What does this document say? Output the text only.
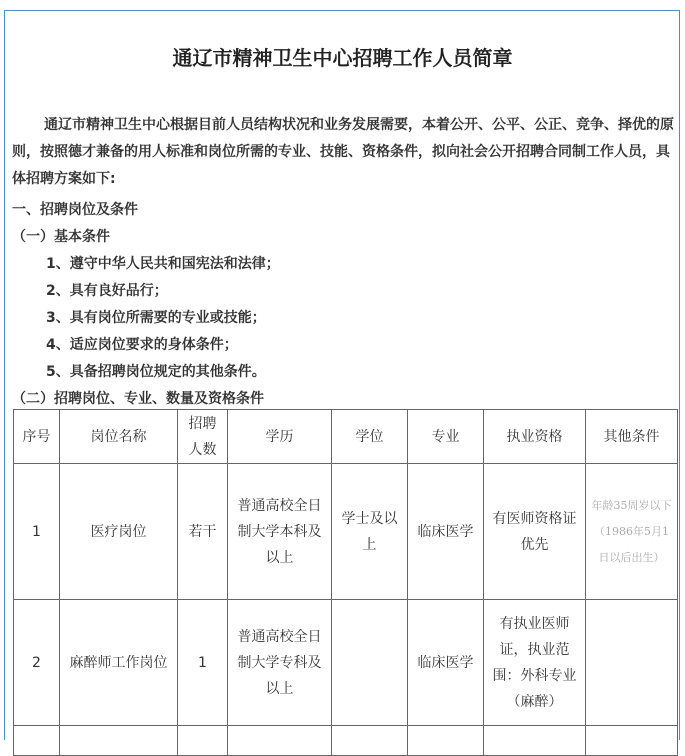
通辽市精神卫生中心招聘工作人员简章
通辽市精神卫生中心根据目前人员结构状况和业务发展需要，本着公开、公平、公正、竞争、择优的原则，按照德才兼备的用人标准和岗位所需的专业、技能、资格条件，拟向社会公开招聘合同制工作人员，具体招聘方案如下:
一、招聘岗位及条件
（一）基本条件
1、遵守中华人民共和国宪法和法律；
2、具有良好品行；
3、具有岗位所需要的专业或技能；
4、适应岗位要求的身体条件；
5、具备招聘岗位规定的其他条件。
（二）招聘岗位、专业、数量及资格条件
序号	岗位名称	招聘人数	学历	学位	专业	执业资格	其他条件
1	医疗岗位	若干	普通高校全日制大学本科及以上	学士及以上	临床医学	有医师资格证优先	年龄35周岁以下（1986年5月1日以后出生）
2	麻醉师工作岗位	1	普通高校全日制大学专科及以上		临床医学	有执业医师证，执业范围：外科专业（麻醉）	
